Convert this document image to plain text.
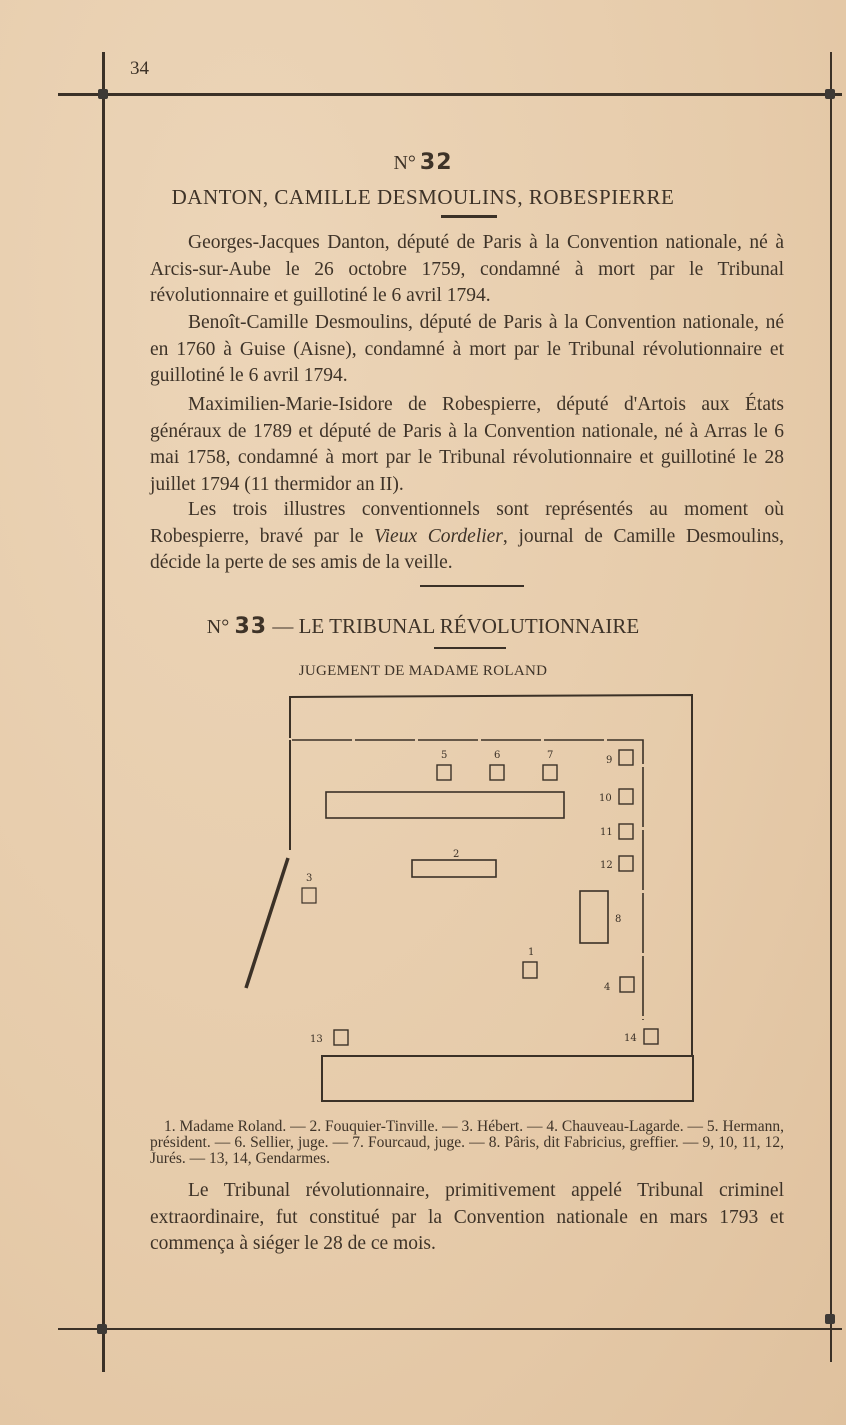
34
N° 32
DANTON, CAMILLE DESMOULINS, ROBESPIERRE
Georges-Jacques Danton, député de Paris à la Convention nationale, né à Arcis-sur-Aube le 26 octobre 1759, condamné à mort par le Tribunal révolutionnaire et guillotiné le 6 avril 1794.
Benoît-Camille Desmoulins, député de Paris à la Convention nationale, né en 1760 à Guise (Aisne), condamné à mort par le Tribunal révolutionnaire et guillotiné le 6 avril 1794.
Maximilien-Marie-Isidore de Robespierre, député d'Artois aux États généraux de 1789 et député de Paris à la Convention nationale, né à Arras le 6 mai 1758, condamné à mort par le Tribunal révolutionnaire et guillotiné le 28 juillet 1794 (11 thermidor an II).
Les trois illustres conventionnels sont représentés au moment où Robespierre, bravé par le Vieux Cordelier, journal de Camille Desmoulins, décide la perte de ses amis de la veille.
N° 33 — LE TRIBUNAL RÉVOLUTIONNAIRE
JUGEMENT DE MADAME ROLAND
5	6	7	9
10
11
12
2
3
8
1
4
13	14
1. Madame Roland. — 2. Fouquier-Tinville. — 3. Hébert. — 4. Chauveau-Lagarde. — 5. Hermann, président. — 6. Sellier, juge. — 7. Fourcaud, juge. — 8. Pâris, dit Fabricius, greffier. — 9, 10, 11, 12, Jurés. — 13, 14, Gendarmes.
Le Tribunal révolutionnaire, primitivement appelé Tribunal criminel extraordinaire, fut constitué par la Convention nationale en mars 1793 et commença à siéger le 28 de ce mois.
